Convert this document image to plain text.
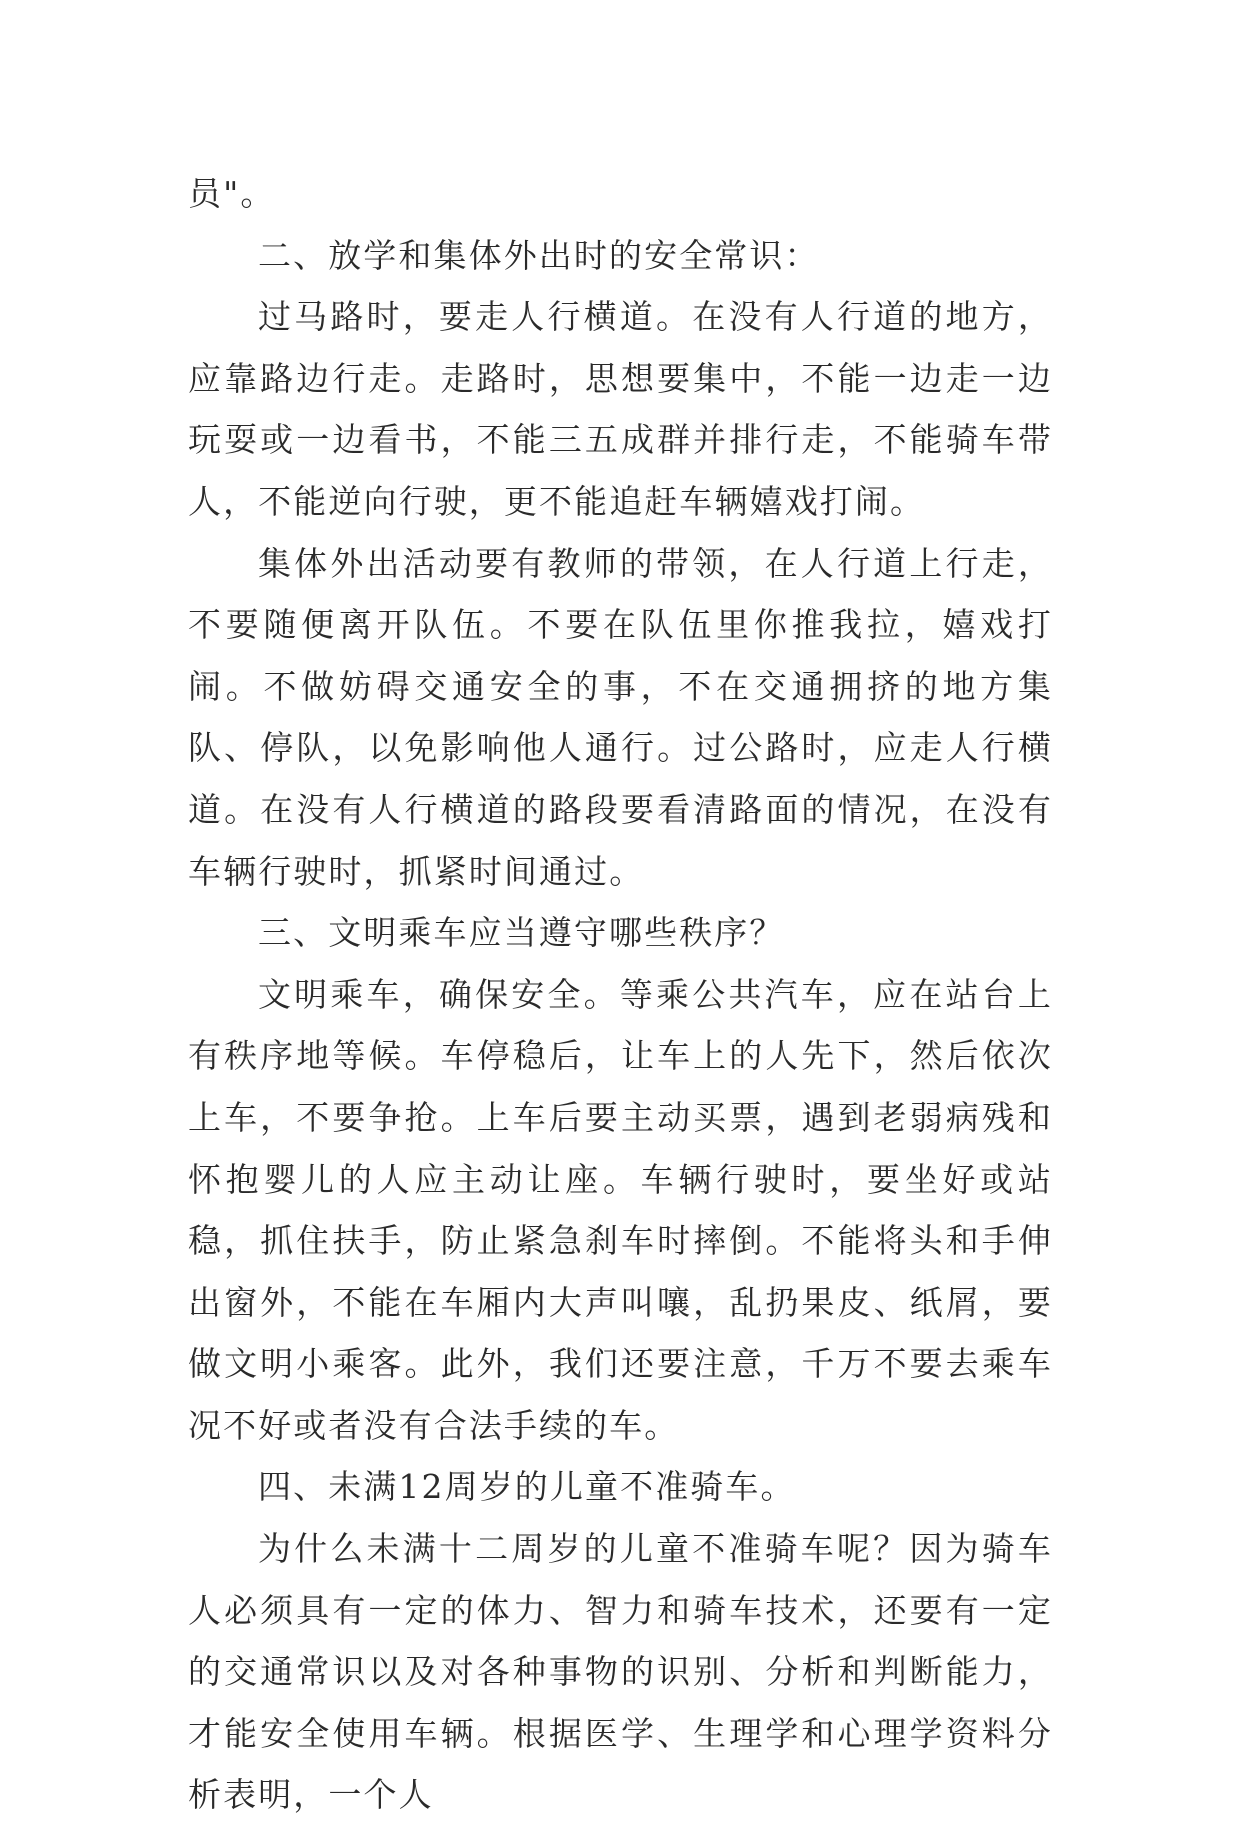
员"。

二、放学和集体外出时的安全常识：

过马路时，要走人行横道。在没有人行道的地方，应靠路边行走。走路时，思想要集中，不能一边走一边玩耍或一边看书，不能三五成群并排行走，不能骑车带人，不能逆向行驶，更不能追赶车辆嬉戏打闹。

集体外出活动要有教师的带领，在人行道上行走，不要随便离开队伍。不要在队伍里你推我拉，嬉戏打闹。不做妨碍交通安全的事，不在交通拥挤的地方集队、停队，以免影响他人通行。过公路时，应走人行横道。在没有人行横道的路段要看清路面的情况，在没有车辆行驶时，抓紧时间通过。

三、文明乘车应当遵守哪些秩序？

文明乘车，确保安全。等乘公共汽车，应在站台上有秩序地等候。车停稳后，让车上的人先下，然后依次上车，不要争抢。上车后要主动买票，遇到老弱病残和怀抱婴儿的人应主动让座。车辆行驶时，要坐好或站稳，抓住扶手，防止紧急刹车时摔倒。不能将头和手伸出窗外，不能在车厢内大声叫嚷，乱扔果皮、纸屑，要做文明小乘客。此外，我们还要注意，千万不要去乘车况不好或者没有合法手续的车。

四、未满12周岁的儿童不准骑车。

为什么未满十二周岁的儿童不准骑车呢？因为骑车人必须具有一定的体力、智力和骑车技术，还要有一定的交通常识以及对各种事物的识别、分析和判断能力，才能安全使用车辆。根据医学、生理学和心理学资料分析表明，一个人
